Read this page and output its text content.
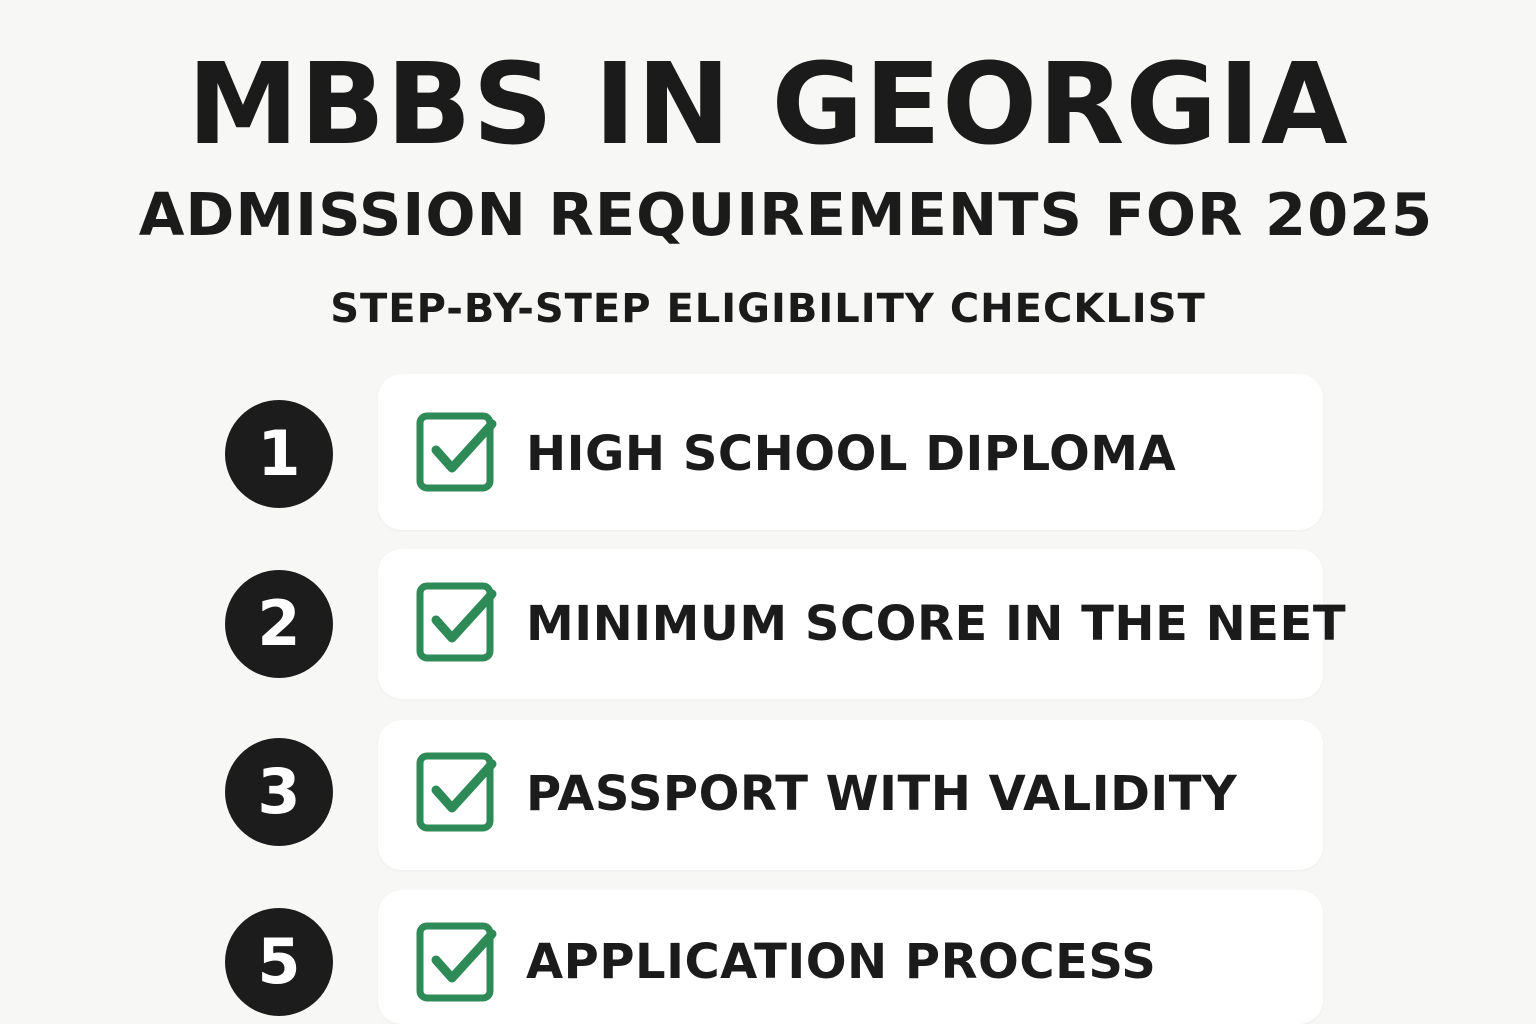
MBBS IN GEORGIA
ADMISSION REQUIREMENTS FOR 2025
STEP-BY-STEP ELIGIBILITY CHECKLIST
1	HIGH SCHOOL DIPLOMA
2	MINIMUM SCORE IN THE NEET
3	PASSPORT WITH VALIDITY
5	APPLICATION PROCESS
